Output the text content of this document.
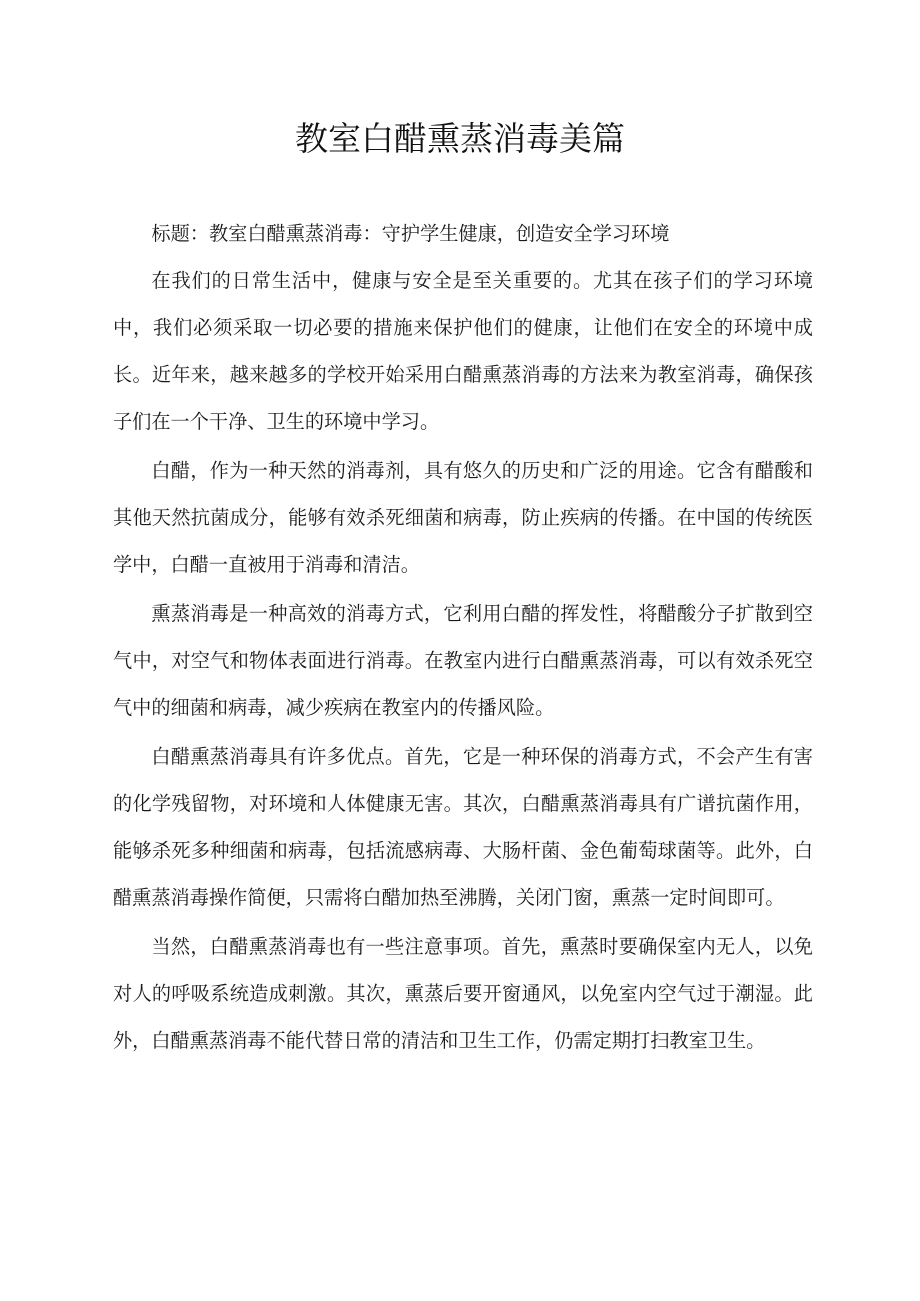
教室白醋熏蒸消毒美篇

标题：教室白醋熏蒸消毒：守护学生健康，创造安全学习环境

在我们的日常生活中，健康与安全是至关重要的。尤其在孩子们的学习环境中，我们必须采取一切必要的措施来保护他们的健康，让他们在安全的环境中成长。近年来，越来越多的学校开始采用白醋熏蒸消毒的方法来为教室消毒，确保孩子们在一个干净、卫生的环境中学习。

白醋，作为一种天然的消毒剂，具有悠久的历史和广泛的用途。它含有醋酸和其他天然抗菌成分，能够有效杀死细菌和病毒，防止疾病的传播。在中国的传统医学中，白醋一直被用于消毒和清洁。

熏蒸消毒是一种高效的消毒方式，它利用白醋的挥发性，将醋酸分子扩散到空气中，对空气和物体表面进行消毒。在教室内进行白醋熏蒸消毒，可以有效杀死空气中的细菌和病毒，减少疾病在教室内的传播风险。

白醋熏蒸消毒具有许多优点。首先，它是一种环保的消毒方式，不会产生有害的化学残留物，对环境和人体健康无害。其次，白醋熏蒸消毒具有广谱抗菌作用，能够杀死多种细菌和病毒，包括流感病毒、大肠杆菌、金色葡萄球菌等。此外，白醋熏蒸消毒操作简便，只需将白醋加热至沸腾，关闭门窗，熏蒸一定时间即可。

当然，白醋熏蒸消毒也有一些注意事项。首先，熏蒸时要确保室内无人，以免对人的呼吸系统造成刺激。其次，熏蒸后要开窗通风，以免室内空气过于潮湿。此外，白醋熏蒸消毒不能代替日常的清洁和卫生工作，仍需定期打扫教室卫生。
